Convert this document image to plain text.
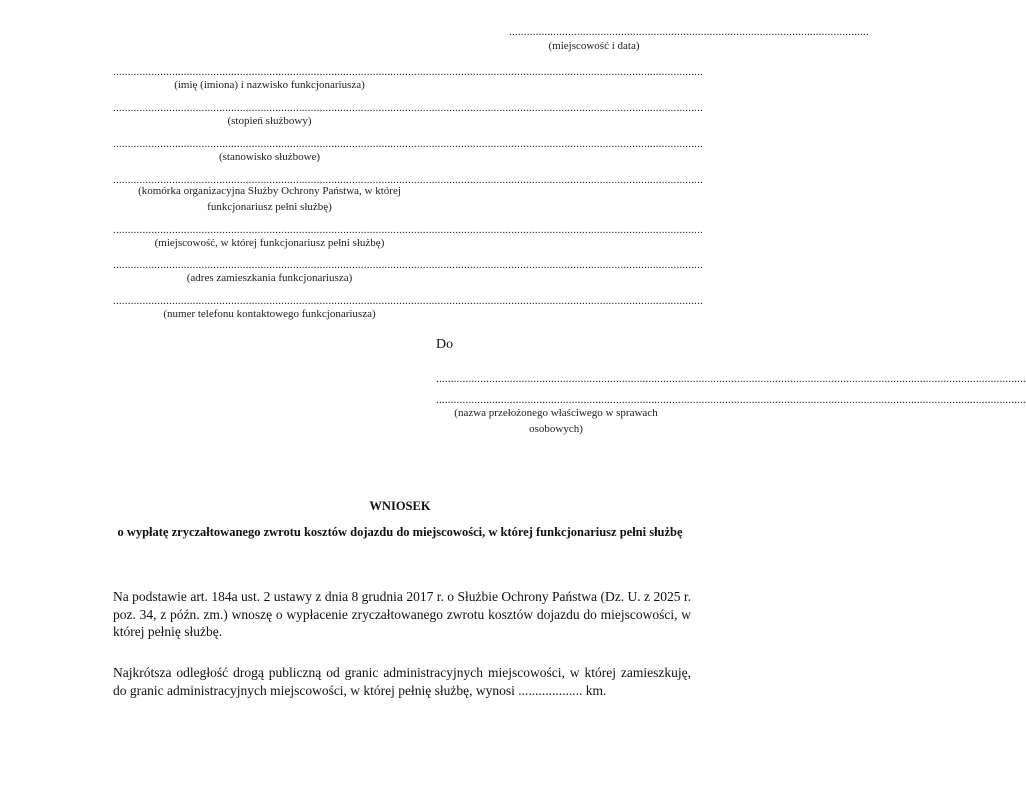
..........................................................................................................................
(miejscowość i data)
........................................................................................................................................................................................................
(imię (imiona) i nazwisko funkcjonariusza)
........................................................................................................................................................................................................
(stopień służbowy)
........................................................................................................................................................................................................
(stanowisko służbowe)
........................................................................................................................................................................................................
(komórka organizacyjna Służby Ochrony Państwa, w której funkcjonariusz pełni służbę)
........................................................................................................................................................................................................
(miejscowość, w której funkcjonariusz pełni służbę)
........................................................................................................................................................................................................
(adres zamieszkania funkcjonariusza)
........................................................................................................................................................................................................
(numer telefonu kontaktowego funkcjonariusza)
Do
........................................................................................................................................................................................................
........................................................................................................................................................................................................
(nazwa przełożonego właściwego w sprawach osobowych)
WNIOSEK
o wypłatę zryczałtowanego zwrotu kosztów dojazdu do miejscowości, w której funkcjonariusz pełni służbę
Na podstawie art. 184a ust. 2 ustawy z dnia 8 grudnia 2017 r. o Służbie Ochrony Państwa (Dz. U. z 2025 r. poz. 34, z późn. zm.) wnoszę o wypłacenie zryczałtowanego zwrotu kosztów dojazdu do miejscowości, w której pełnię służbę.
Najkrótsza odległość drogą publiczną od granic administracyjnych miejscowości, w której zamieszkuję, do granic administracyjnych miejscowości, w której pełnię służbę, wynosi ................... km.
